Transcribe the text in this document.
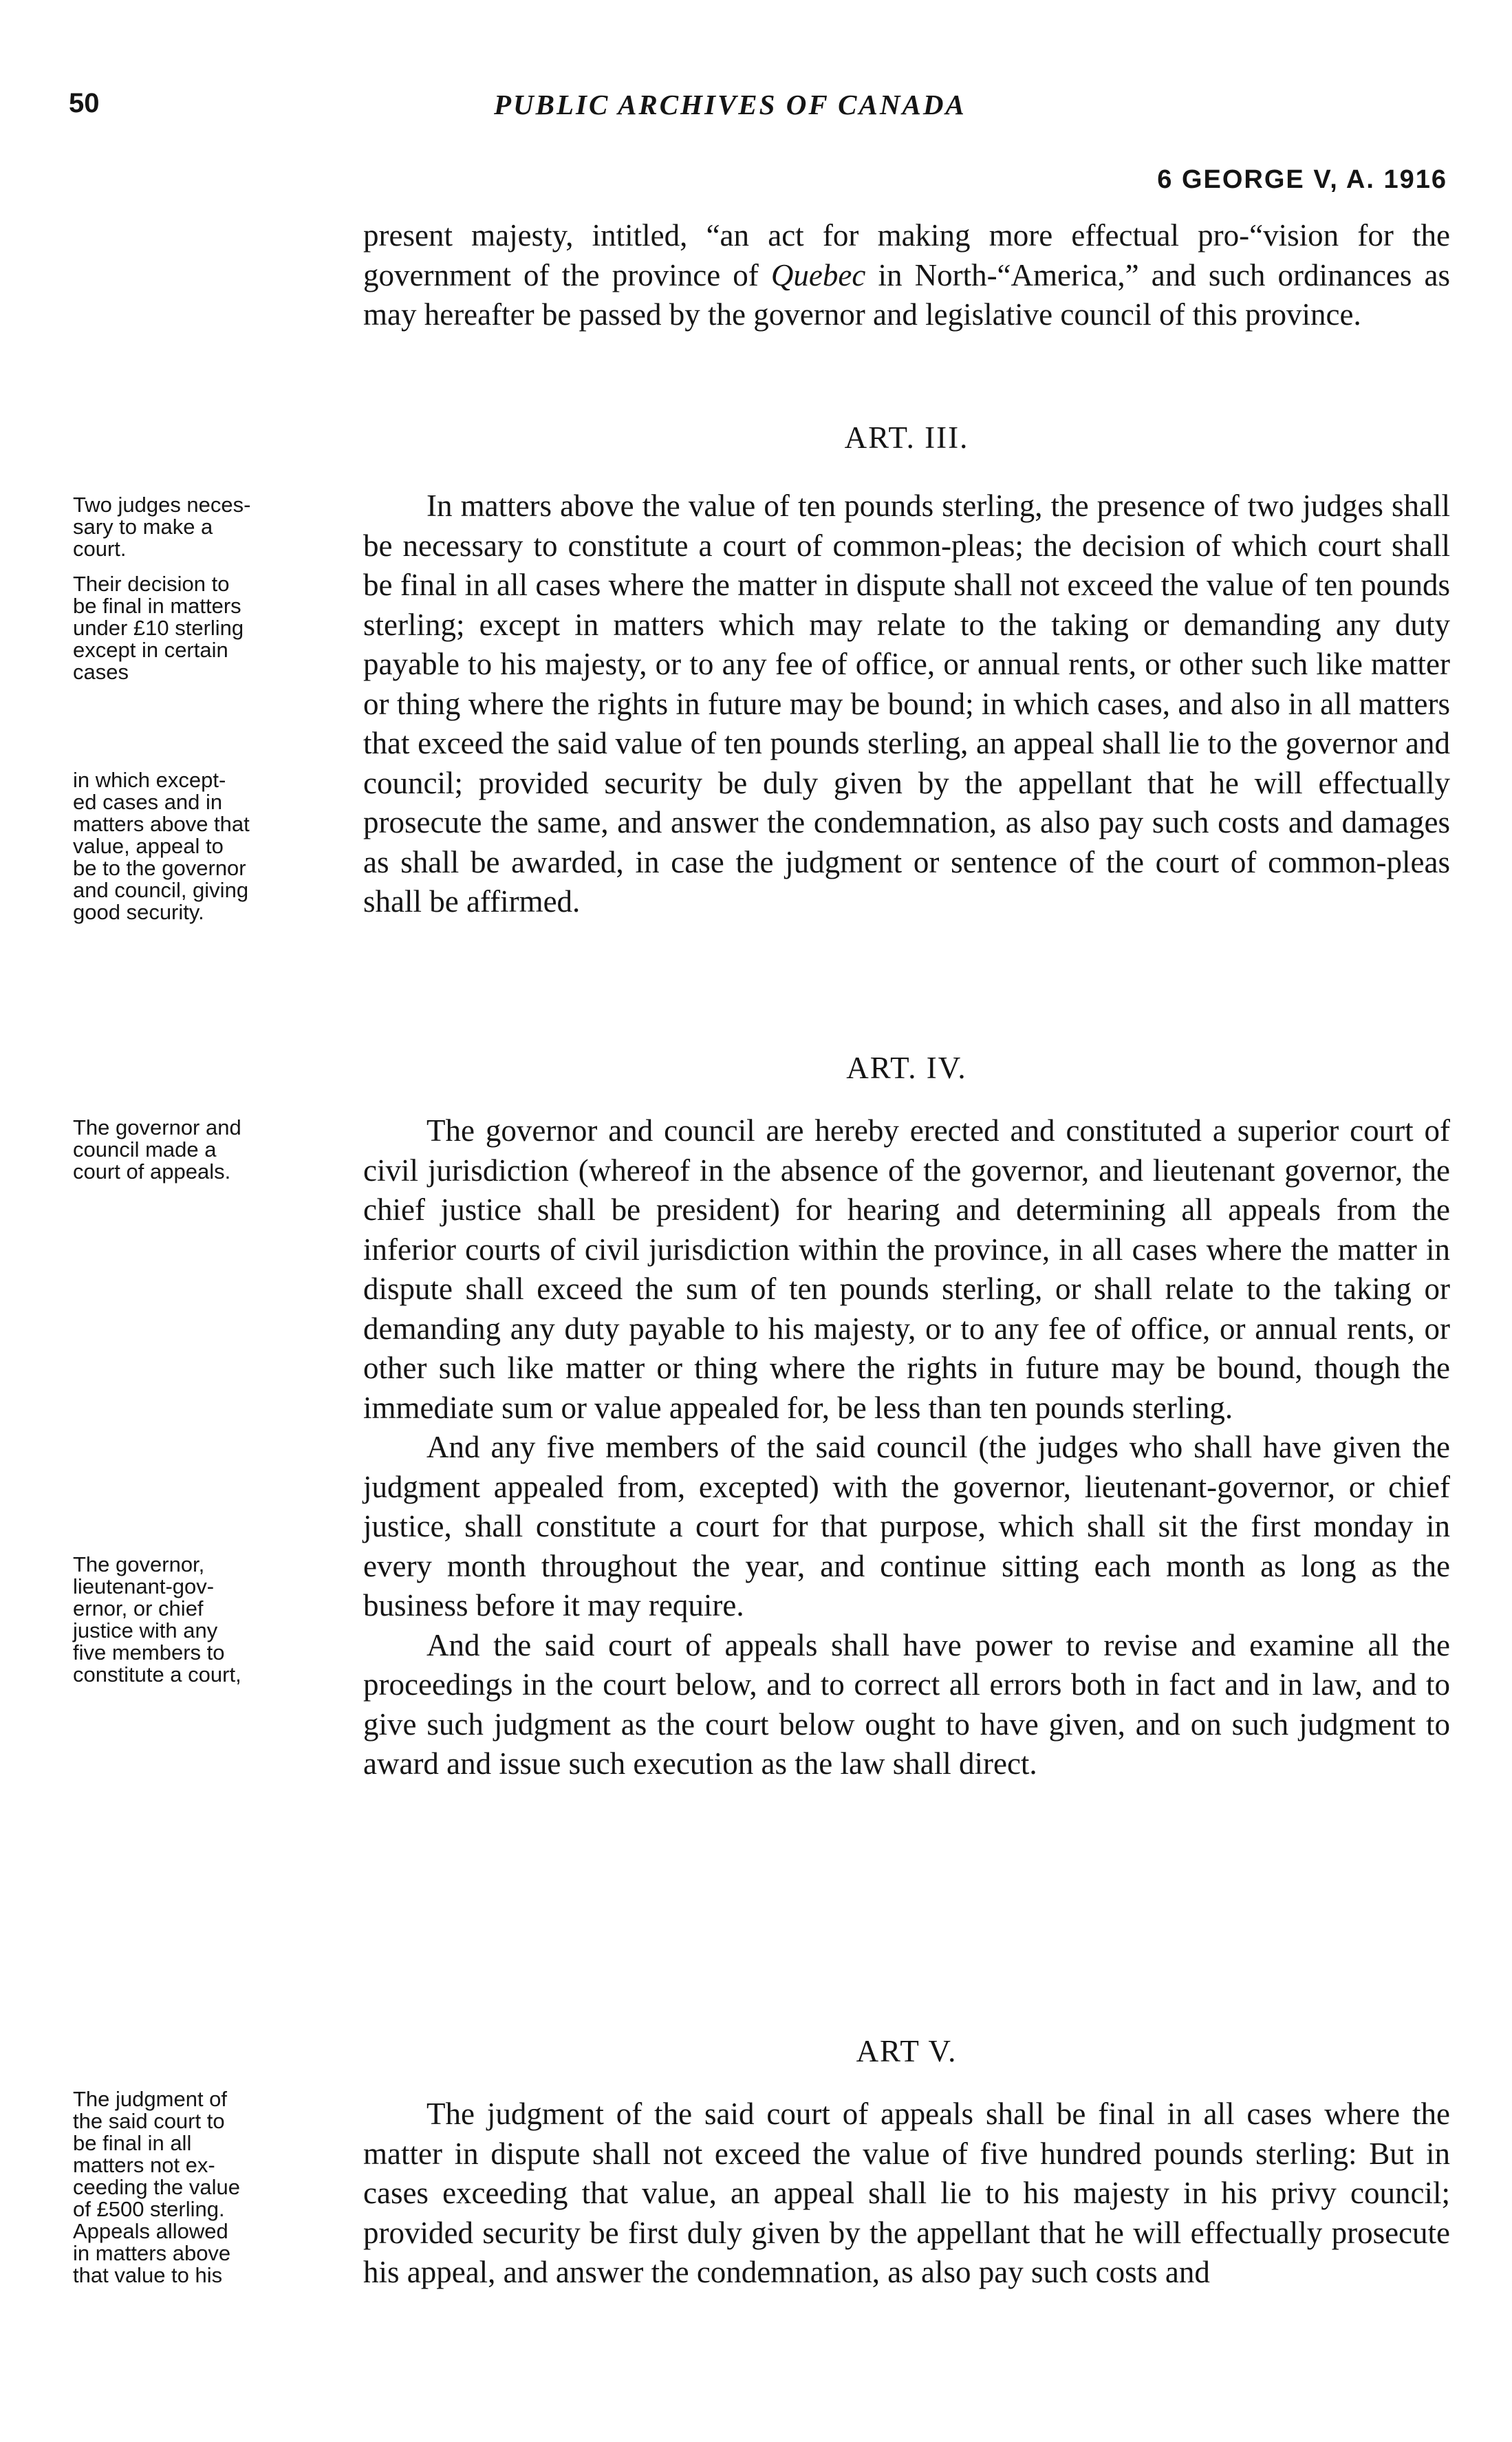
50	PUBLIC ARCHIVES OF CANADA
6 GEORGE V, A. 1916

present majesty, intitled, “an act for making more effectual pro-“vision for the government of the province of Quebec in North-“America,” and such ordinances as may hereafter be passed by the governor and legislative council of this province.

ART. III.

In matters above the value of ten pounds sterling, the presence of two judges shall be necessary to constitute a court of common-pleas; the decision of which court shall be final in all cases where the matter in dispute shall not exceed the value of ten pounds sterling; except in matters which may relate to the taking or demanding any duty payable to his majesty, or to any fee of office, or annual rents, or other such like matter or thing where the rights in future may be bound; in which cases, and also in all matters that exceed the said value of ten pounds sterling, an appeal shall lie to the governor and council; provided security be duly given by the appellant that he will effectually prosecute the same, and answer the condemnation, as also pay such costs and damages as shall be awarded, in case the judgment or sentence of the court of common-pleas shall be affirmed.

ART. IV.

The governor and council are hereby erected and constituted a superior court of civil jurisdiction (whereof in the absence of the governor, and lieutenant governor, the chief justice shall be president) for hearing and determining all appeals from the inferior courts of civil jurisdiction within the province, in all cases where the matter in dispute shall exceed the sum of ten pounds sterling, or shall relate to the taking or demanding any duty payable to his majesty, or to any fee of office, or annual rents, or other such like matter or thing where the rights in future may be bound, though the immediate sum or value appealed for, be less than ten pounds sterling.

And any five members of the said council (the judges who shall have given the judgment appealed from, excepted) with the governor, lieutenant-governor, or chief justice, shall constitute a court for that purpose, which shall sit the first monday in every month throughout the year, and continue sitting each month as long as the business before it may require.

And the said court of appeals shall have power to revise and examine all the proceedings in the court below, and to correct all errors both in fact and in law, and to give such judgment as the court below ought to have given, and on such judgment to award and issue such execution as the law shall direct.

ART V.

The judgment of the said court of appeals shall be final in all cases where the matter in dispute shall not exceed the value of five hundred pounds sterling: But in cases exceeding that value, an appeal shall lie to his majesty in his privy council; provided security be first duly given by the appellant that he will effectually prosecute his appeal, and answer the condemnation, as also pay such costs and

Two judges neces-
sary to make a
court.
Their decision to
be final in matters
under £10 sterling
except in certain
cases
in which except-
ed cases and in
matters above that
value, appeal to
be to the governor
and council, giving
good security.
The governor and
council made a
court of appeals.
The governor,
lieutenant-gov-
ernor, or chief
justice with any
five members to
constitute a court,
The judgment of
the said court to
be final in all
matters not ex-
ceeding the value
of £500 sterling.
Appeals allowed
in matters above
that value to his
